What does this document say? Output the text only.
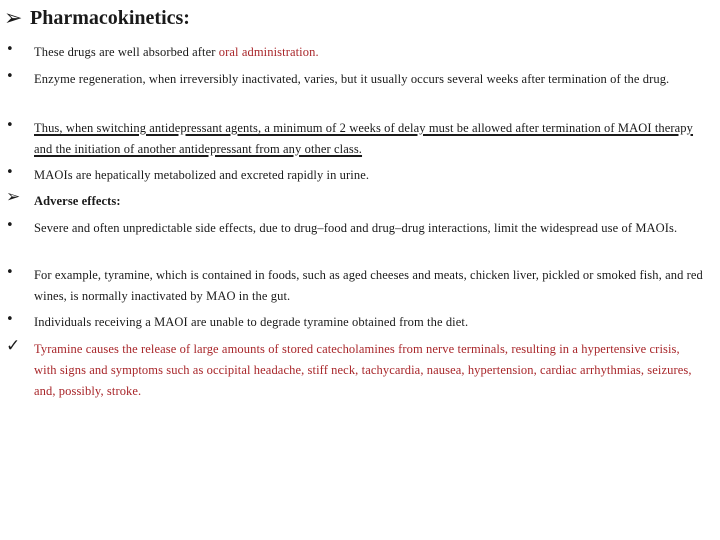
➢ Pharmacokinetics:
•	These drugs are well absorbed after oral administration.
•	Enzyme regeneration, when irreversibly inactivated, varies, but it usually occurs several weeks after termination of the drug.
•	Thus, when switching antidepressant agents, a minimum of 2 weeks of delay must be allowed after termination of MAOI therapy and the initiation of another antidepressant from any other class.
•	MAOIs are hepatically metabolized and excreted rapidly in urine.
➢	Adverse effects:
•	Severe and often unpredictable side effects, due to drug–food and drug–drug interactions, limit the widespread use of MAOIs.
•	For example, tyramine, which is contained in foods, such as aged cheeses and meats, chicken liver, pickled or smoked fish, and red wines, is normally inactivated by MAO in the gut.
•	Individuals receiving a MAOI are unable to degrade tyramine obtained from the diet.
✓	Tyramine causes the release of large amounts of stored catecholamines from nerve terminals, resulting in a hypertensive crisis, with signs and symptoms such as occipital headache, stiff neck, tachycardia, nausea, hypertension, cardiac arrhythmias, seizures, and, possibly, stroke.
